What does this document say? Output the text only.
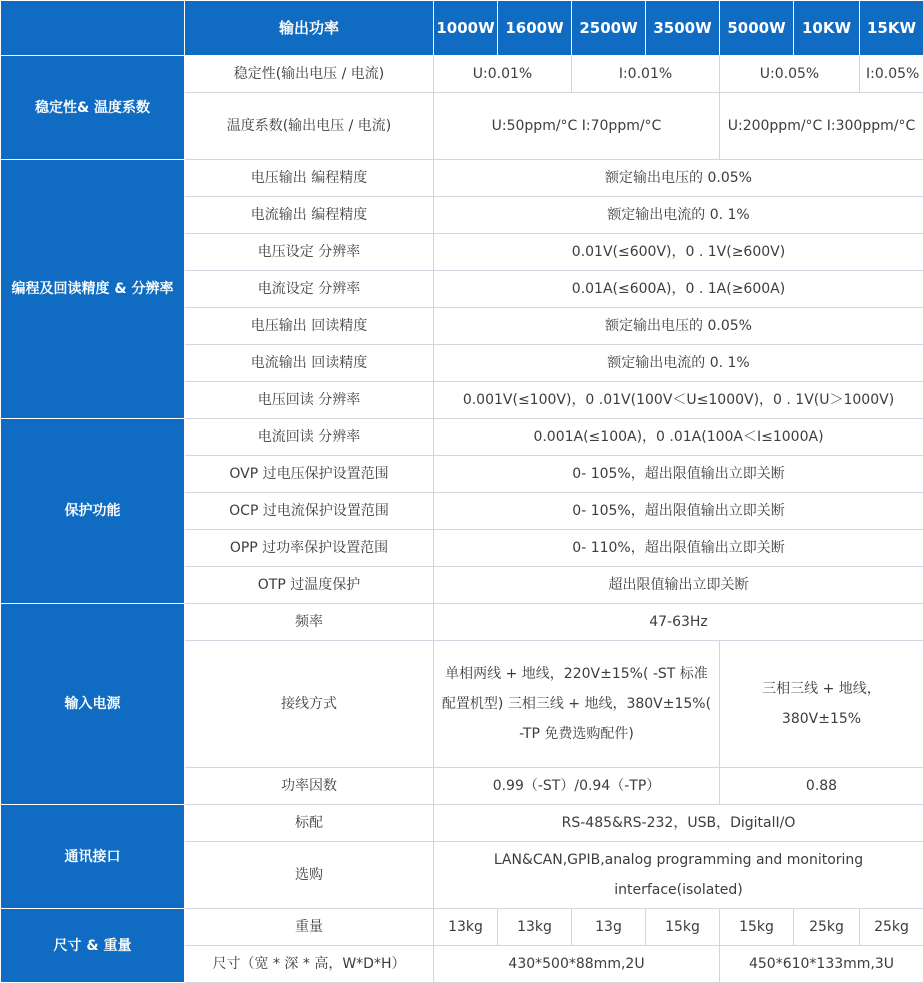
	输出功率	1000W	1600W	2500W	3500W	5000W	10KW	15KW
稳定性& 温度系数	稳定性(输出电压 / 电流)	U:0.01%		I:0.01%		U:0.05%		I:0.05%
	温度系数(输出电压 / 电流)	U:50ppm/°C I:70ppm/°C				U:200ppm/°C I:300ppm/°C		
编程及回读精度 & 分辨率	电压输出 编程精度	额定输出电压的 0.05%						
	电流输出 编程精度	额定输出电流的 0. 1%						
	电压设定 分辨率	0.01V(≤600V)，0 . 1V(≥600V)						
	电流设定 分辨率	0.01A(≤600A)，0 . 1A(≥600A)						
	电压输出 回读精度	额定输出电压的 0.05%						
	电流输出 回读精度	额定输出电流的 0. 1%						
	电压回读 分辨率	0.001V(≤100V)，0 .01V(100V＜U≤1000V)，0 . 1V(U＞1000V)						
保护功能	电流回读 分辨率	0.001A(≤100A)，0 .01A(100A＜I≤1000A)						
	OVP 过电压保护设置范围	0- 105%，超出限值输出立即关断						
	OCP 过电流保护设置范围	0- 105%，超出限值输出立即关断						
	OPP 过功率保护设置范围	0- 110%，超出限值输出立即关断						
	OTP 过温度保护	超出限值输出立即关断						
输入电源	频率	47-63Hz						
	接线方式	单相两线 + 地线，220V±15%( -ST 标准配置机型) 三相三线 + 地线，380V±15%( -TP 免费选购配件)				三相三线 + 地线，380V±15%		
	功率因数	0.99（-ST）/0.94（-TP）				0.88		
通讯接口	标配	RS-485&RS-232，USB，DigitalI/O						
	选购	LAN&CAN,GPIB,analog programming and monitoring interface(isolated)						
尺寸 & 重量	重量	13kg	13kg	13g	15kg	15kg	25kg	25kg
	尺寸（宽 * 深 * 高，W*D*H）	430*500*88mm,2U				450*610*133mm,3U		
